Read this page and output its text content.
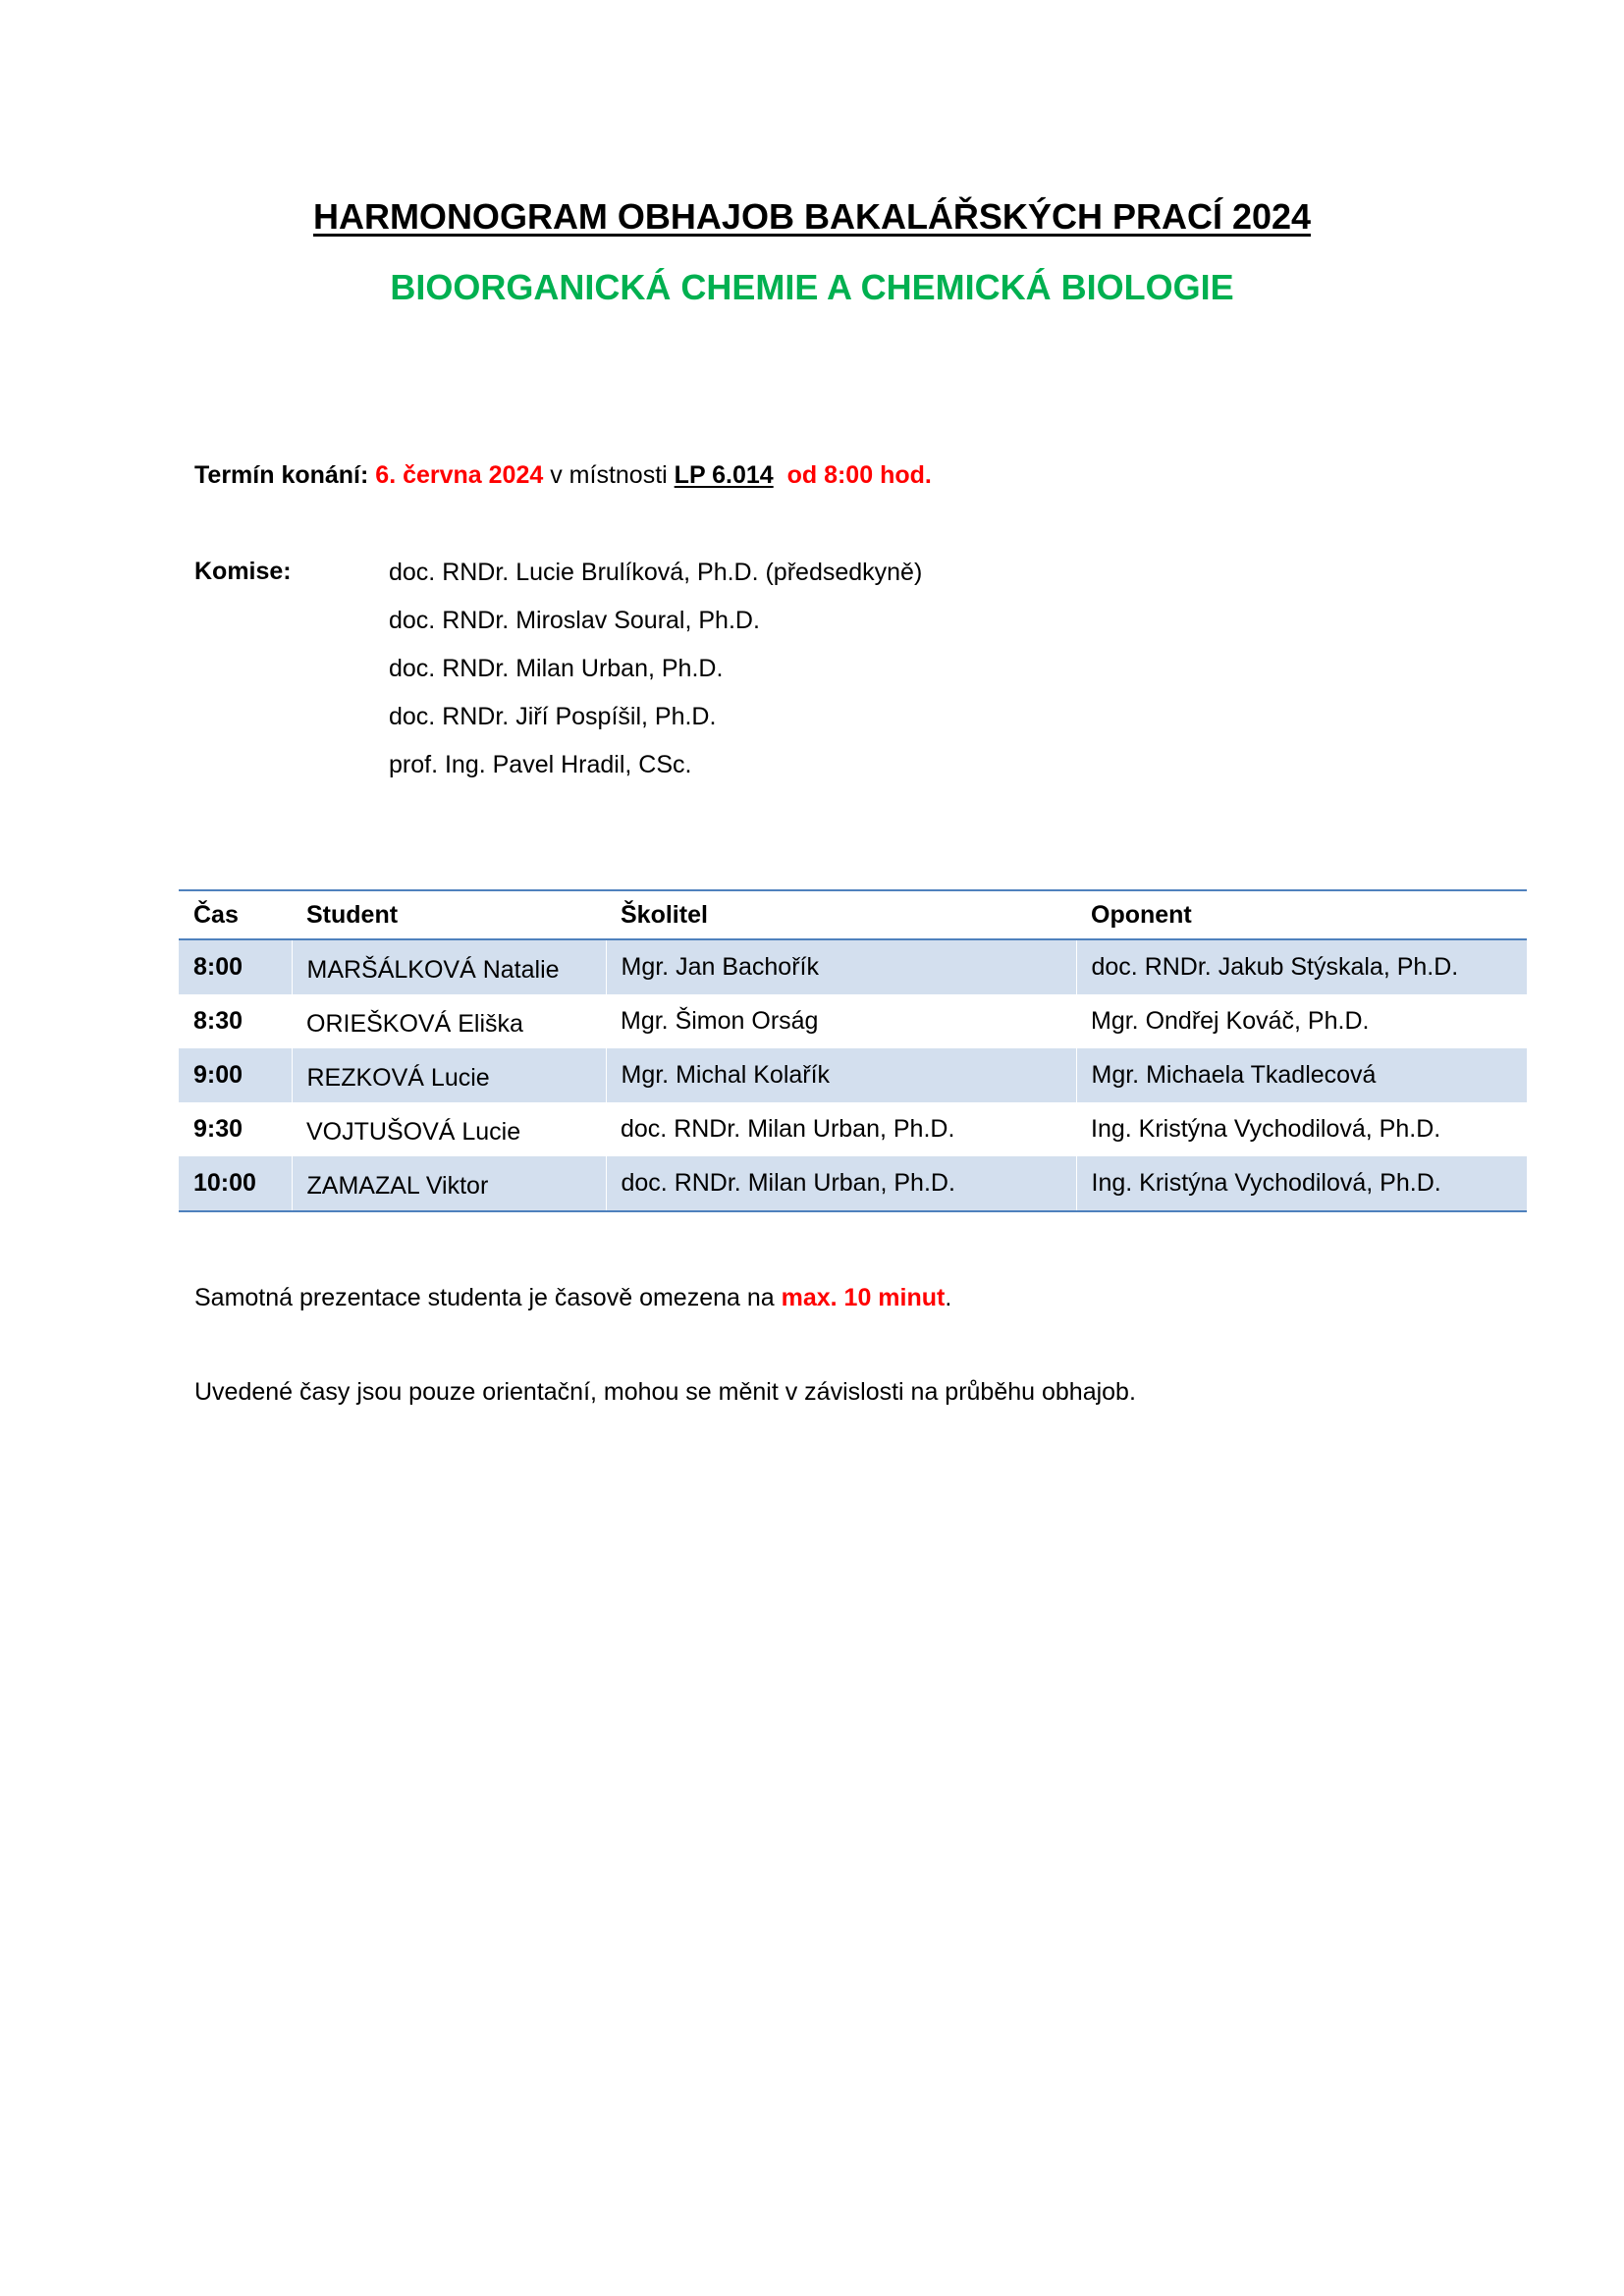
HARMONOGRAM OBHAJOB BAKALÁŘSKÝCH PRACÍ 2024
BIOORGANICKÁ CHEMIE A CHEMICKÁ BIOLOGIE
Termín konání: 6. června 2024 v místnosti LP 6.014 od 8:00 hod.
Komise:	doc. RNDr. Lucie Brulíková, Ph.D. (předsedkyně)
doc. RNDr. Miroslav Soural, Ph.D.
doc. RNDr. Milan Urban, Ph.D.
doc. RNDr. Jiří Pospíšil, Ph.D.
prof. Ing. Pavel Hradil, CSc.
Čas	Student	Školitel	Oponent
8:00	MARŠÁLKOVÁ Natalie	Mgr. Jan Bachořík	doc. RNDr. Jakub Stýskala, Ph.D.
8:30	ORIEŠKOVÁ Eliška	Mgr. Šimon Orság	Mgr. Ondřej Kováč, Ph.D.
9:00	REZKOVÁ Lucie	Mgr. Michal Kolařík	Mgr. Michaela Tkadlecová
9:30	VOJTUŠOVÁ Lucie	doc. RNDr. Milan Urban, Ph.D.	Ing. Kristýna Vychodilová, Ph.D.
10:00	ZAMAZAL Viktor	doc. RNDr. Milan Urban, Ph.D.	Ing. Kristýna Vychodilová, Ph.D.
Samotná prezentace studenta je časově omezena na max. 10 minut.
Uvedené časy jsou pouze orientační, mohou se měnit v závislosti na průběhu obhajob.
